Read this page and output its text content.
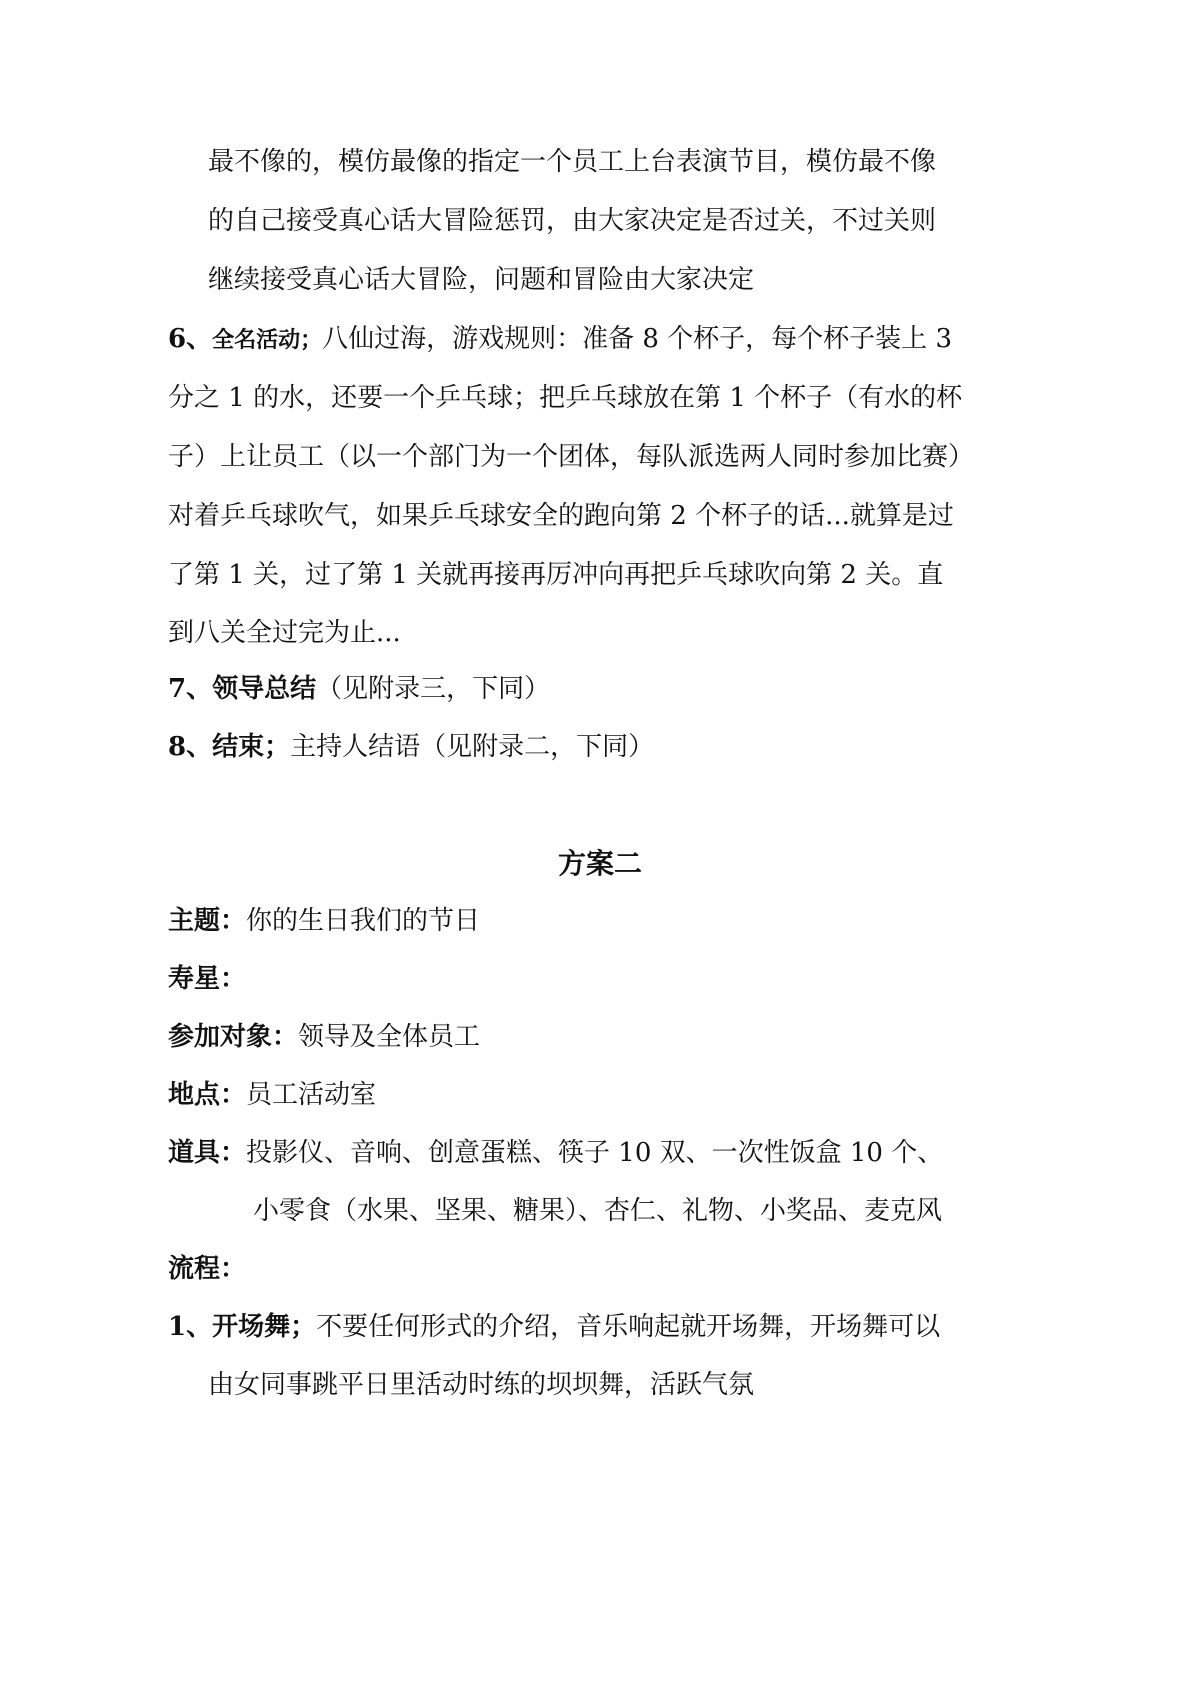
最不像的，模仿最像的指定一个员工上台表演节目，模仿最不像
的自己接受真心话大冒险惩罚，由大家决定是否过关，不过关则
继续接受真心话大冒险，问题和冒险由大家决定
6、全名活动；八仙过海，游戏规则：准备 8 个杯子，每个杯子装上 3
分之 1 的水，还要一个乒乓球；把乒乓球放在第 1 个杯子（有水的杯
子）上让员工（以一个部门为一个团体，每队派选两人同时参加比赛）
对着乒乓球吹气，如果乒乓球安全的跑向第 2 个杯子的话...就算是过
了第 1 关，过了第 1 关就再接再厉冲向再把乒乓球吹向第 2 关。直
到八关全过完为止...
7、领导总结（见附录三，下同）
8、结束；主持人结语（见附录二，下同）
方案二
主题：你的生日我们的节日
寿星：
参加对象：领导及全体员工
地点：员工活动室
道具：投影仪、音响、创意蛋糕、筷子 10 双、一次性饭盒 10 个、
小零食（水果、坚果、糖果）、杏仁、礼物、小奖品、麦克风
流程：
1、开场舞；不要任何形式的介绍，音乐响起就开场舞，开场舞可以
由女同事跳平日里活动时练的坝坝舞，活跃气氛
